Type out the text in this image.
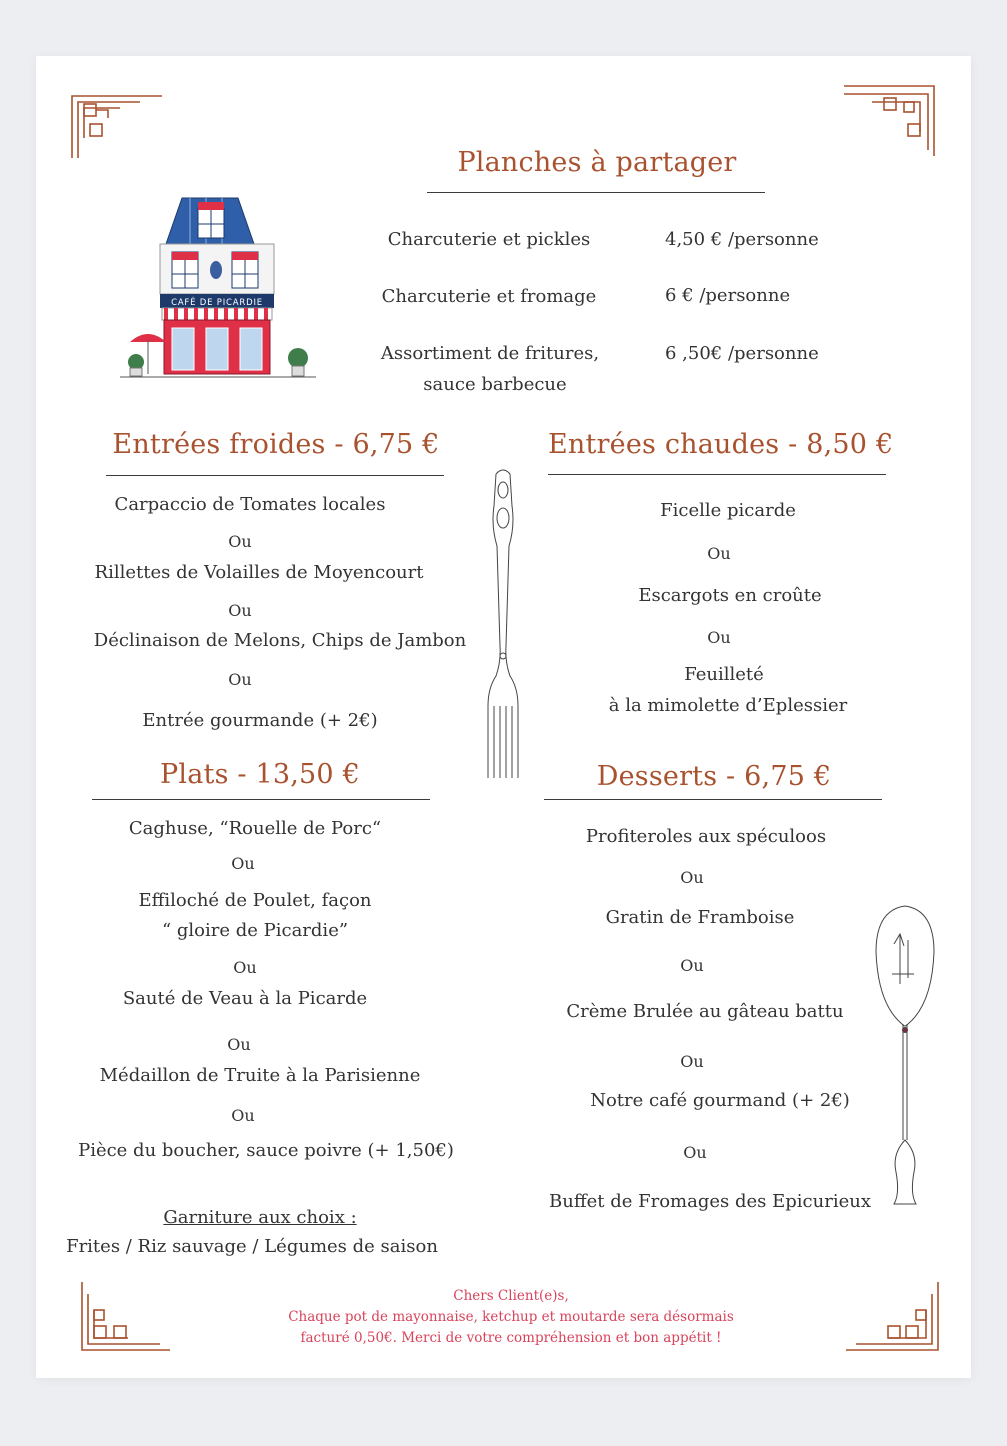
CAFÉ DE PICARDIE
Planches à partager
Charcuterie et pickles	4,50 € /personne
Charcuterie et fromage	6 € /personne
Assortiment de fritures,
sauce barbecue
6 ,50€ /personne
Entrées froides - 6,75 €
Carpaccio de Tomates locales
Ou
Rillettes de Volailles de Moyencourt
Ou
Déclinaison de Melons, Chips de Jambon
Ou
Entrée gourmande (+ 2€)
Entrées chaudes - 8,50 €
Ficelle picarde
Ou
Escargots en croûte
Ou
Feuilleté
à la mimolette d’Eplessier
Plats - 13,50 €
Caghuse, “Rouelle de Porc“
Ou
Effiloché de Poulet, façon
“ gloire de Picardie”
Ou
Sauté de Veau à la Picarde
Ou
Médaillon de Truite à la Parisienne
Ou
Pièce du boucher, sauce poivre (+ 1,50€)
Garniture aux choix :
Frites / Riz sauvage / Légumes de saison
Desserts - 6,75 €
Profiteroles aux spéculoos
Ou
Gratin de Framboise
Ou
Crème Brulée au gâteau battu
Ou
Notre café gourmand (+ 2€)
Ou
Buffet de Fromages des Epicurieux
Chers Client(e)s,
Chaque pot de mayonnaise, ketchup et moutarde sera désormais
facturé 0,50€. Merci de votre compréhension et bon appétit !
